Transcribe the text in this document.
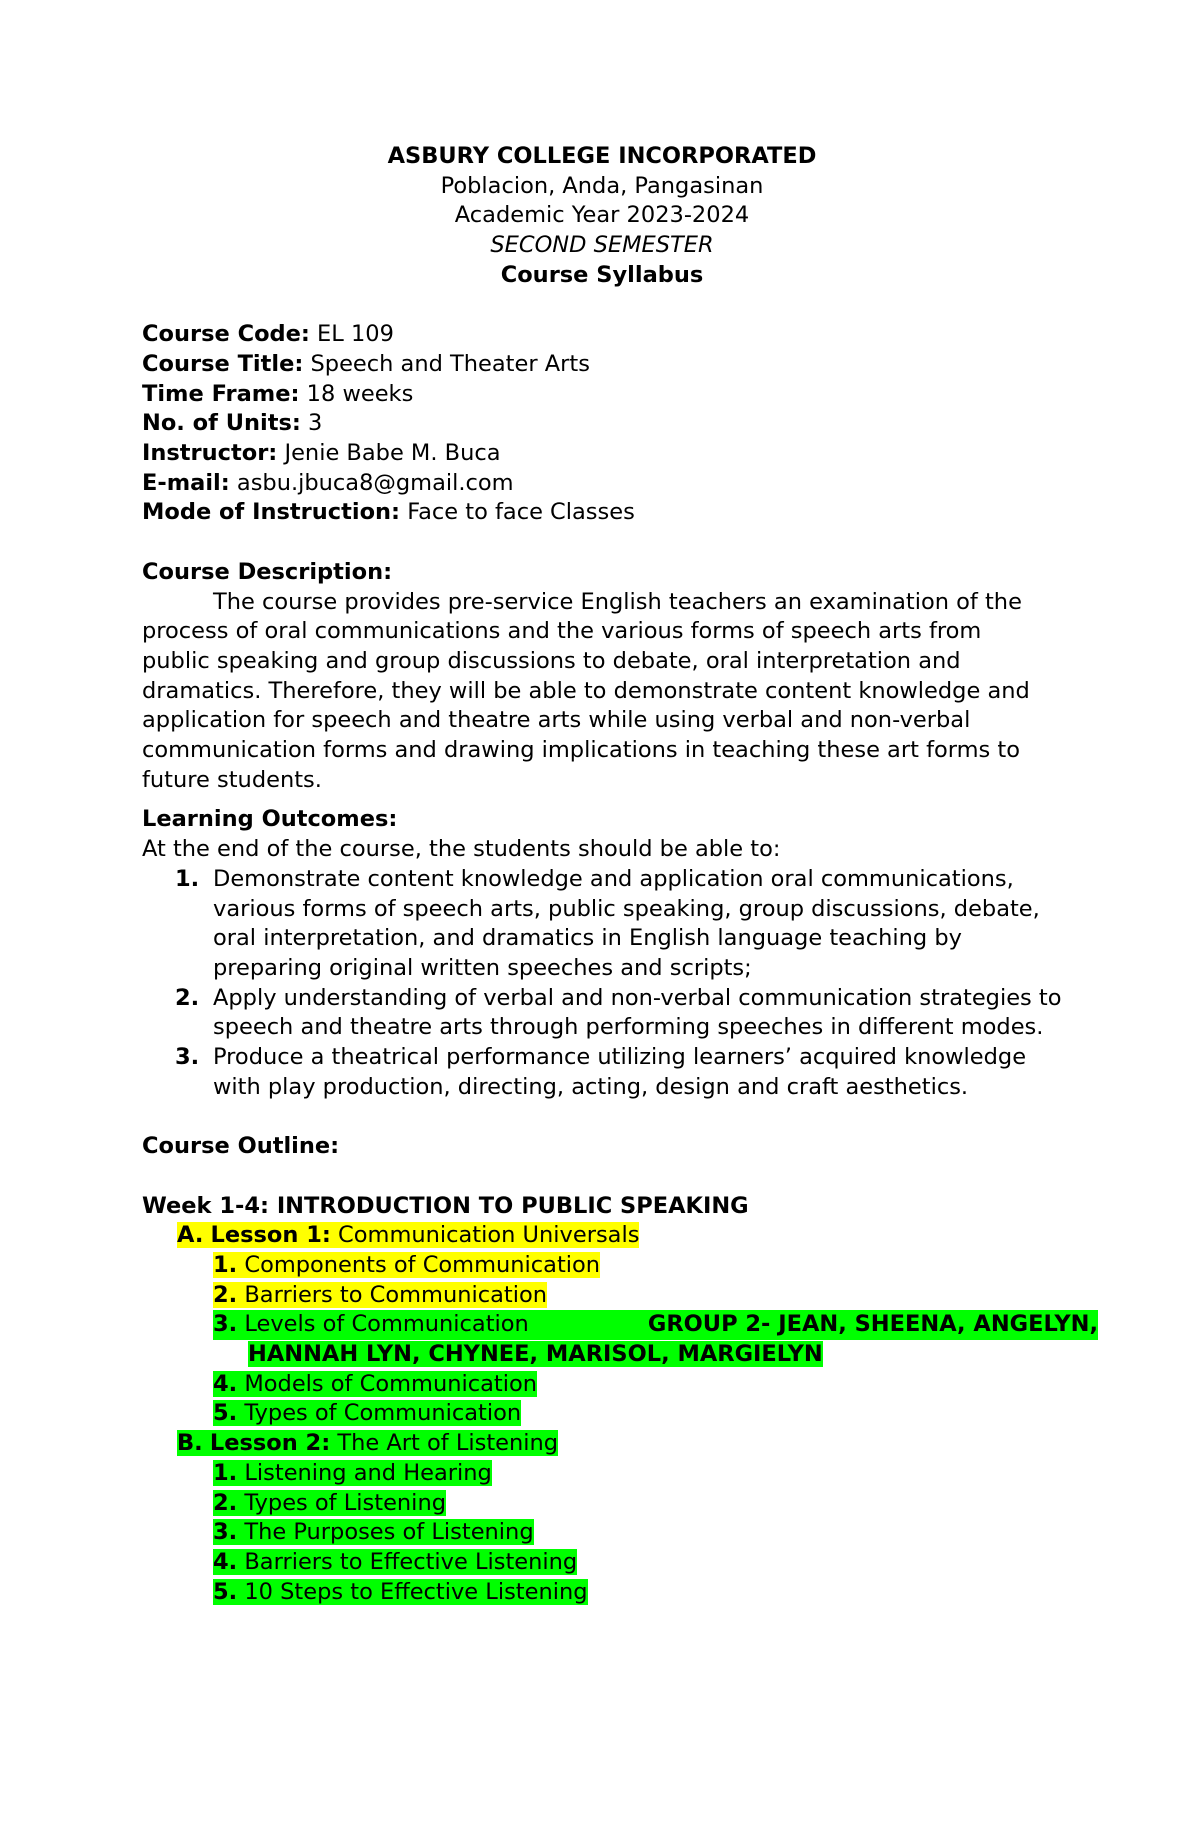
ASBURY COLLEGE INCORPORATED
Poblacion, Anda, Pangasinan
Academic Year 2023-2024
SECOND SEMESTER
Course Syllabus
Course Code: EL 109
Course Title: Speech and Theater Arts
Time Frame: 18 weeks
No. of Units: 3
Instructor: Jenie Babe M. Buca
E-mail: asbu.jbuca8@gmail.com
Mode of Instruction: Face to face Classes
Course Description:
The course provides pre-service English teachers an examination of the process of oral communications and the various forms of speech arts from public speaking and group discussions to debate, oral interpretation and dramatics. Therefore, they will be able to demonstrate content knowledge and application for speech and theatre arts while using verbal and non-verbal communication forms and drawing implications in teaching these art forms to future students.
Learning Outcomes:
At the end of the course, the students should be able to:
1. Demonstrate content knowledge and application oral communications, various forms of speech arts, public speaking, group discussions, debate, oral interpretation, and dramatics in English language teaching by preparing original written speeches and scripts;
2. Apply understanding of verbal and non-verbal communication strategies to speech and theatre arts through performing speeches in different modes.
3. Produce a theatrical performance utilizing learners’ acquired knowledge with play production, directing, acting, design and craft aesthetics.
Course Outline:
Week 1-4: INTRODUCTION TO PUBLIC SPEAKING
A. Lesson 1: Communication Universals
1. Components of Communication
2. Barriers to Communication
3. Levels of Communication	GROUP 2- JEAN, SHEENA, ANGELYN,
HANNAH LYN, CHYNEE, MARISOL, MARGIELYN
4. Models of Communication
5. Types of Communication
B. Lesson 2: The Art of Listening
1. Listening and Hearing
2. Types of Listening
3. The Purposes of Listening
4. Barriers to Effective Listening
5. 10 Steps to Effective Listening
